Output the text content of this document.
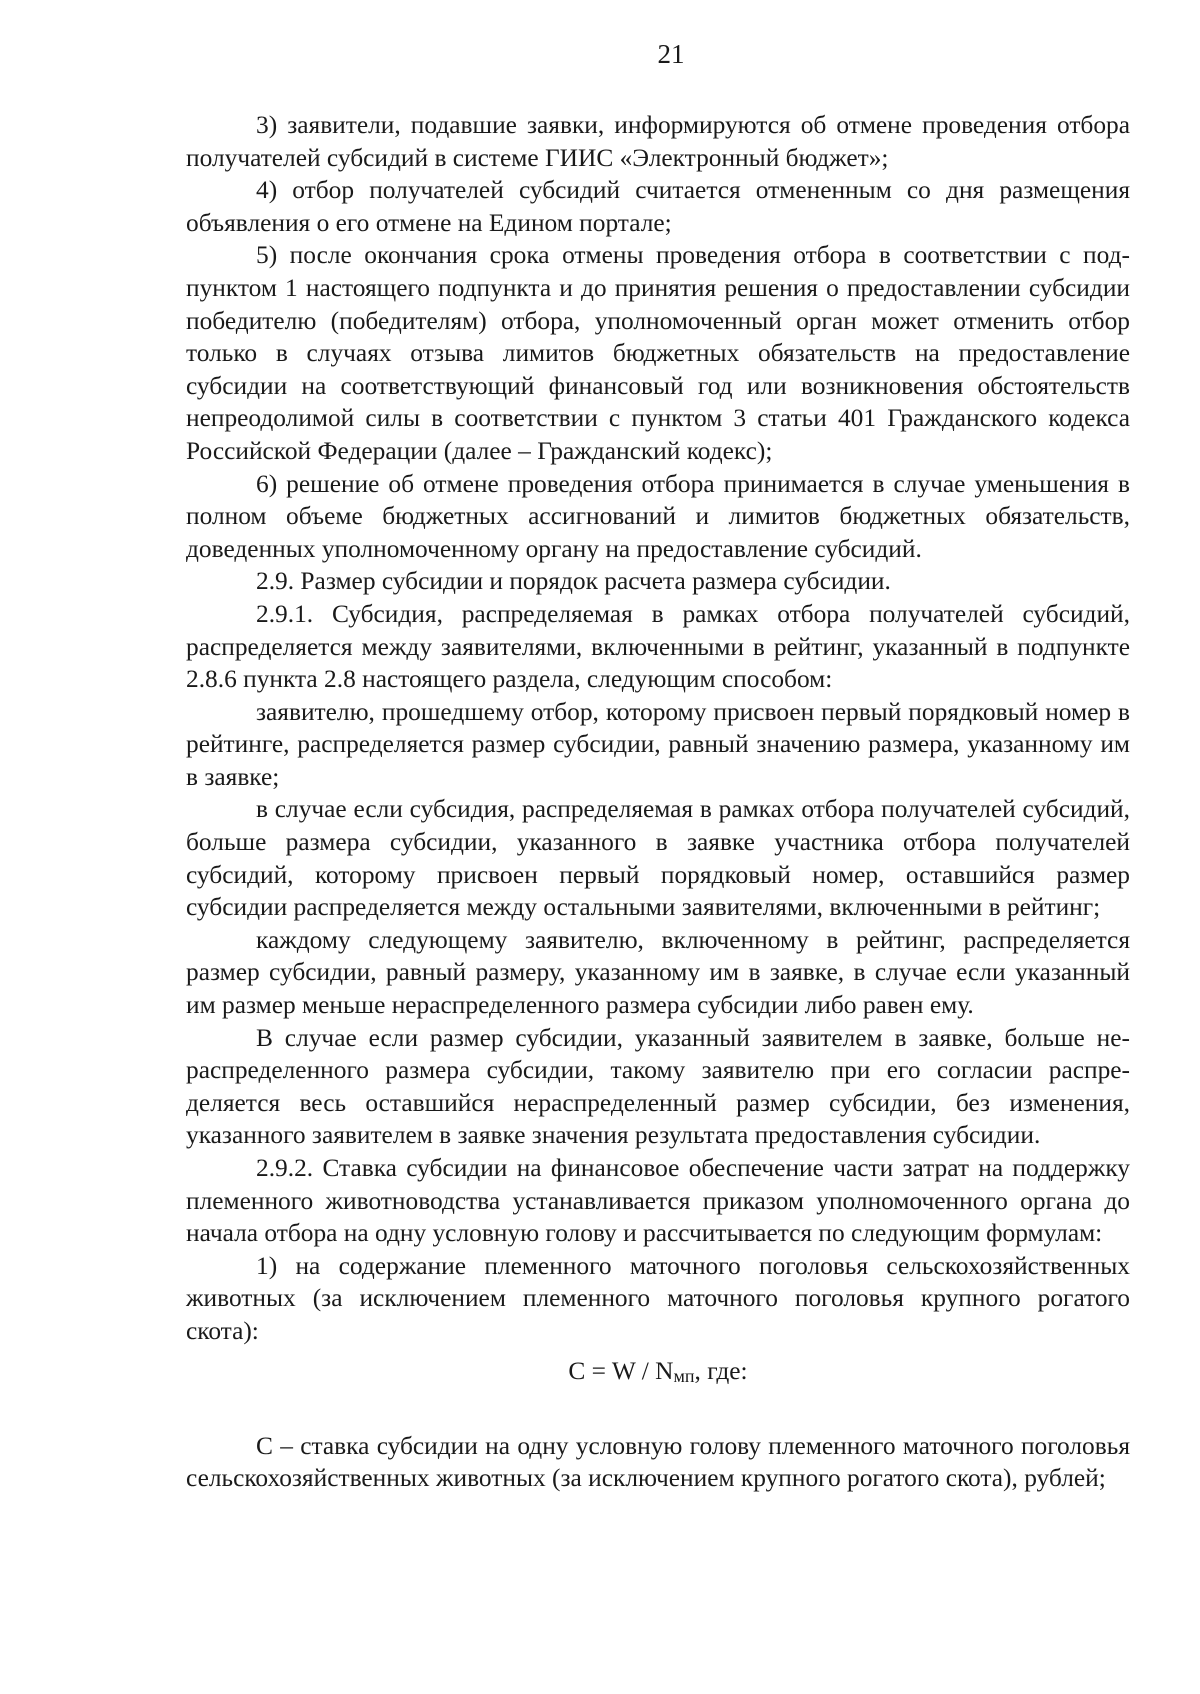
21

3) заявители, подавшие заявки, информируются об отмене проведения отбора получателей субсидий в системе ГИИС «Электронный бюджет»;

4) отбор получателей субсидий считается отмененным со дня размещения объявления о его отмене на Едином портале;

5) после окончания срока отмены проведения отбора в соответствии с подпунктом 1 настоящего подпункта и до принятия решения о предоставлении субсидии победителю (победителям) отбора, уполномоченный орган может отменить отбор только в случаях отзыва лимитов бюджетных обязательств на предоставление субсидии на соответствующий финансовый год или возникновения обстоятельств непреодолимой силы в соответствии с пунктом 3 статьи 401 Гражданского кодекса Российской Федерации (далее – Гражданский кодекс);

6) решение об отмене проведения отбора принимается в случае уменьшения в полном объеме бюджетных ассигнований и лимитов бюджетных обязательств, доведенных уполномоченному органу на предоставление субсидий.

2.9. Размер субсидии и порядок расчета размера субсидии.

2.9.1. Субсидия, распределяемая в рамках отбора получателей субсидий, распределяется между заявителями, включенными в рейтинг, указанный в подпункте 2.8.6 пункта 2.8 настоящего раздела, следующим способом:

заявителю, прошедшему отбор, которому присвоен первый порядковый номер в рейтинге, распределяется размер субсидии, равный значению размера, указанному им в заявке;

в случае если субсидия, распределяемая в рамках отбора получателей субсидий, больше размера субсидии, указанного в заявке участника отбора получателей субсидий, которому присвоен первый порядковый номер, оставшийся размер субсидии распределяется между остальными заявителями, включенными в рейтинг;

каждому следующему заявителю, включенному в рейтинг, распределяется размер субсидии, равный размеру, указанному им в заявке, в случае если указанный им размер меньше нераспределенного размера субсидии либо равен ему.

В случае если размер субсидии, указанный заявителем в заявке, больше нераспределенного размера субсидии, такому заявителю при его согласии распределяется весь оставшийся нераспределенный размер субсидии, без изменения, указанного заявителем в заявке значения результата предоставления субсидии.

2.9.2. Ставка субсидии на финансовое обеспечение части затрат на поддержку племенного животноводства устанавливается приказом уполномоченного органа до начала отбора на одну условную голову и рассчитывается по следующим формулам:

1) на содержание племенного маточного поголовья сельскохозяйственных животных (за исключением племенного маточного поголовья крупного рогатого скота):

$C = W / N_{мп}$, где:

C – ставка субсидии на одну условную голову племенного маточного поголовья сельскохозяйственных животных (за исключением крупного рогатого скота), рублей;
